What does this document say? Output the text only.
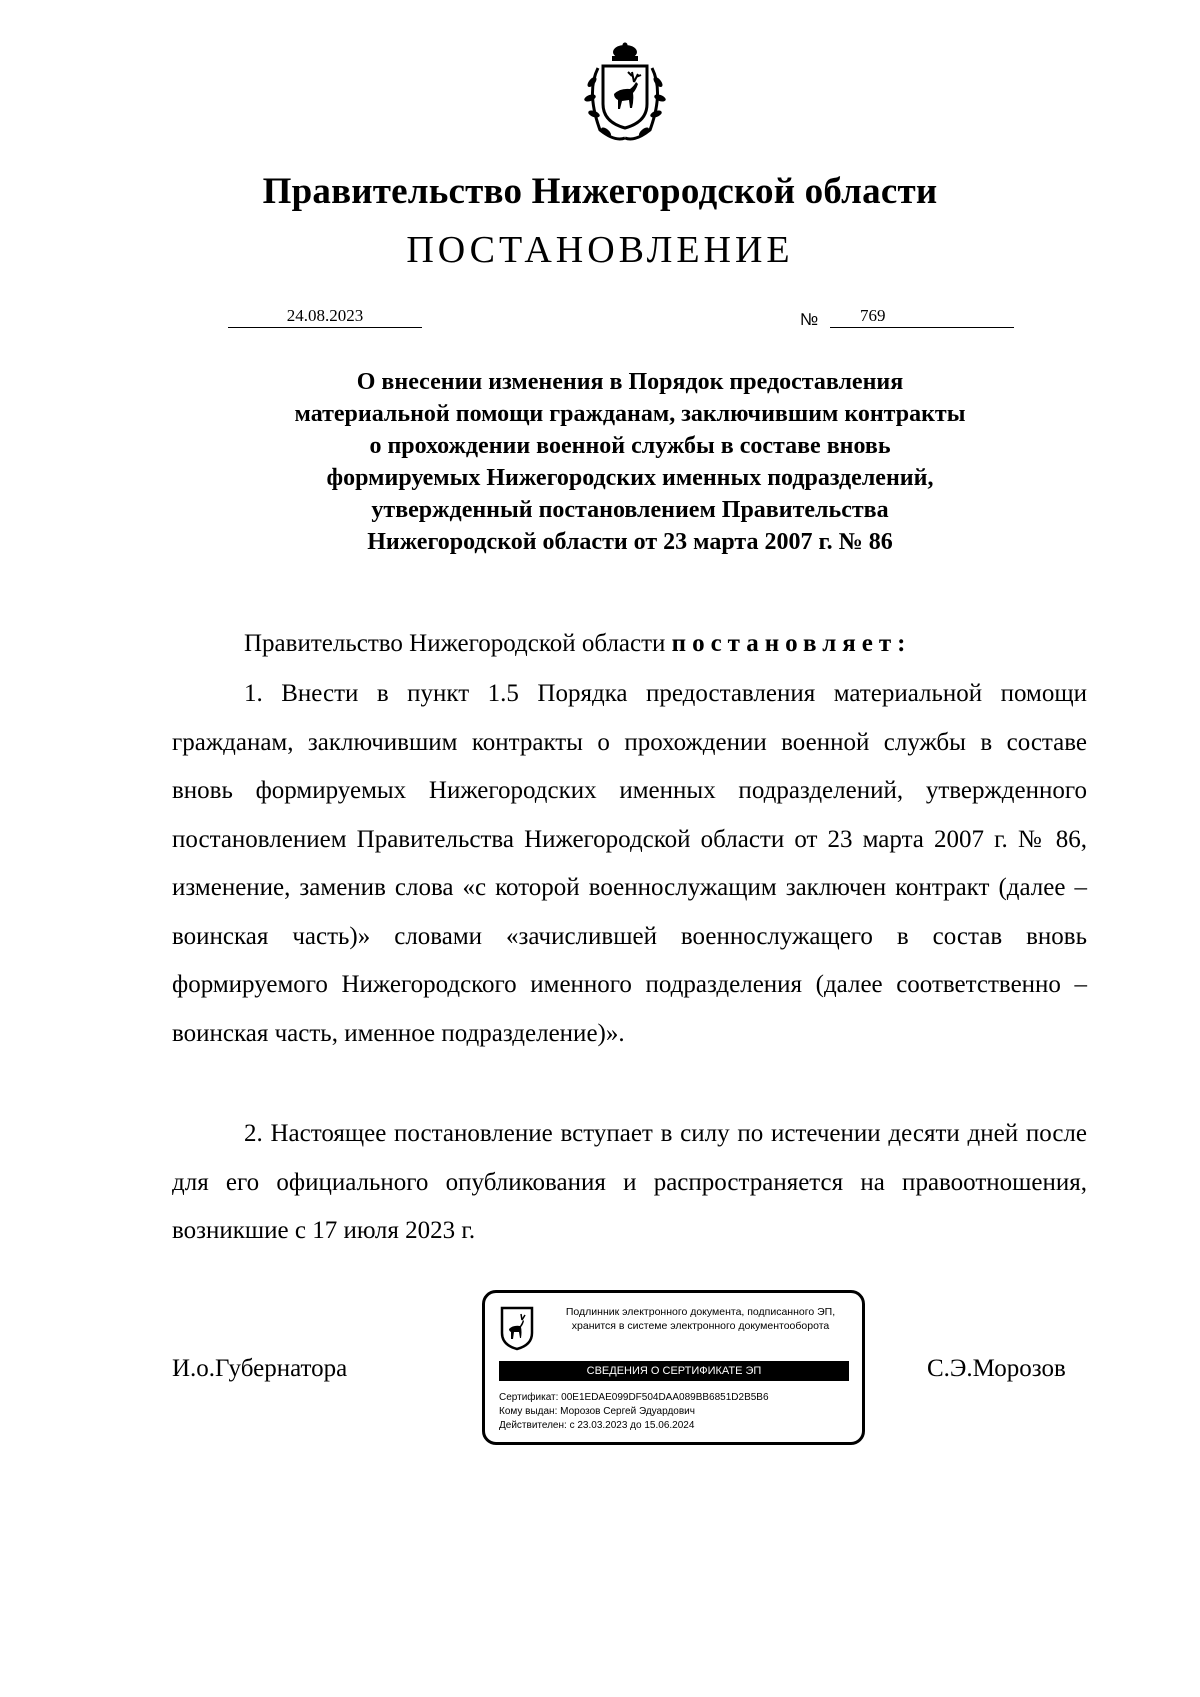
Правительство Нижегородской области
ПОСТАНОВЛЕНИЕ
24.08.2023	№	769
О внесении изменения в Порядок предоставления
материальной помощи гражданам, заключившим контракты
о прохождении военной службы в составе вновь
формируемых Нижегородских именных подразделений,
утвержденный постановлением Правительства
Нижегородской области от 23 марта 2007 г. № 86
Правительство Нижегородской области постановляет:

1. Внести в пункт 1.5 Порядка предоставления материальной помощи гражданам, заключившим контракты о прохождении военной службы в составе вновь формируемых Нижегородских именных подразделений, утвержденного постановлением Правительства Нижегородской области от 23 марта 2007 г. № 86, изменение, заменив слова «с которой военнослужащим заключен контракт (далее – воинская часть)» словами «зачислившей военнослужащего в состав вновь формируемого Нижегородского именного подразделения (далее соответственно – воинская часть, именное подразделение)».

2. Настоящее постановление вступает в силу по истечении десяти дней после для его официального опубликования и распространяется на правоотношения, возникшие с 17 июля 2023 г.

И.о.Губернатора	С.Э.Морозов
Подлинник электронного документа, подписанного ЭП,
хранится в системе электронного документооборота
СВЕДЕНИЯ О СЕРТИФИКАТЕ ЭП
Сертификат: 00E1EDAE099DF504DAA089BB6851D2B5B6
Кому выдан: Морозов Сергей Эдуардович
Действителен: с 23.03.2023 до 15.06.2024
